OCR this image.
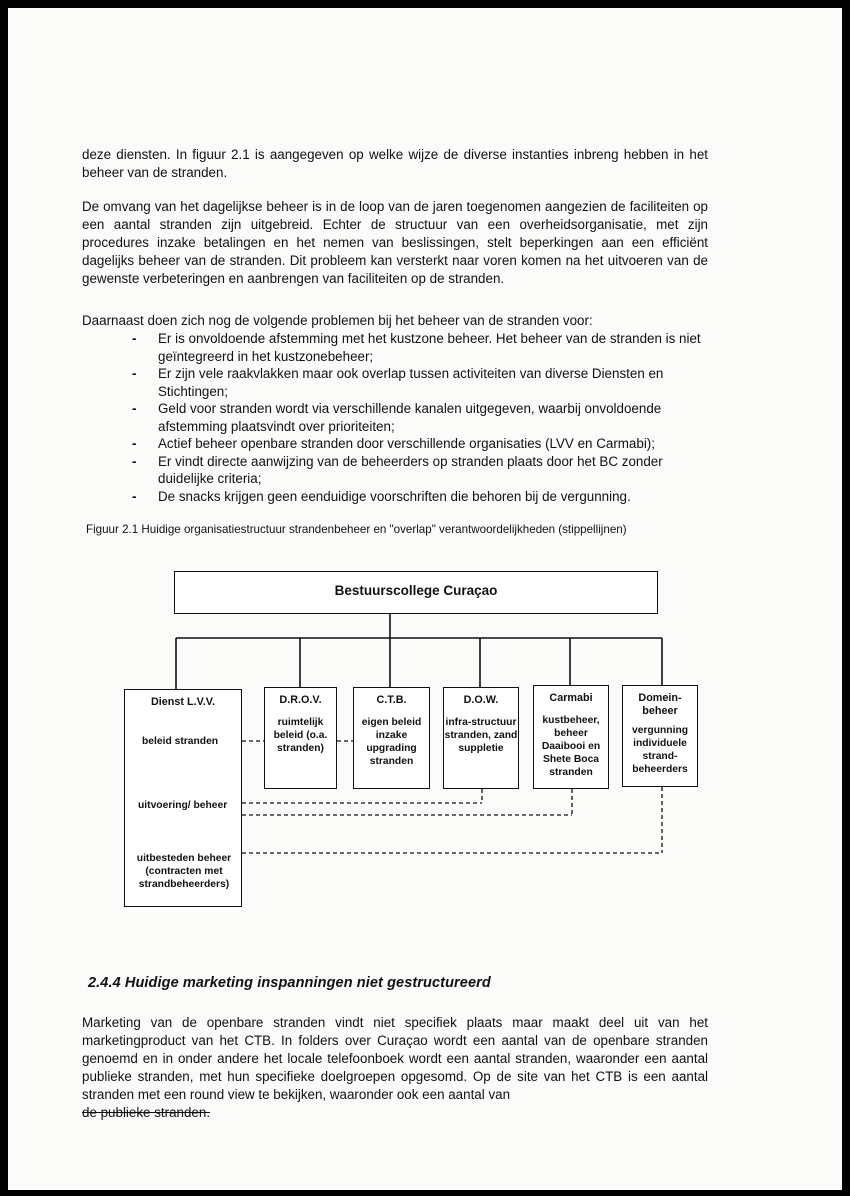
deze diensten. In figuur 2.1 is aangegeven op welke wijze de diverse instanties inbreng hebben in het beheer van de stranden.

De omvang van het dagelijkse beheer is in de loop van de jaren toegenomen aangezien de faciliteiten op een aantal stranden zijn uitgebreid. Echter de structuur van een overheidsorganisatie, met zijn procedures inzake betalingen en het nemen van beslissingen, stelt beperkingen aan een efficiënt dagelijks beheer van de stranden. Dit probleem kan versterkt naar voren komen na het uitvoeren van de gewenste verbeteringen en aanbrengen van faciliteiten op de stranden.

Daarnaast doen zich nog de volgende problemen bij het beheer van de stranden voor:

- Er is onvoldoende afstemming met het kustzone beheer. Het beheer van de stranden is niet geïntegreerd in het kustzonebeheer;
- Er zijn vele raakvlakken maar ook overlap tussen activiteiten van diverse Diensten en Stichtingen;
- Geld voor stranden wordt via verschillende kanalen uitgegeven, waarbij onvoldoende afstemming plaatsvindt over prioriteiten;
- Actief beheer openbare stranden door verschillende organisaties (LVV en Carmabi);
- Er vindt directe aanwijzing van de beheerders op stranden plaats door het BC zonder duidelijke criteria;
- De snacks krijgen geen eenduidige voorschriften die behoren bij de vergunning.
Figuur 2.1 Huidige organisatiestructuur strandenbeheer en "overlap" verantwoordelijkheden (stippellijnen)
Bestuurscollege Curaçao
Dienst L.V.V.
beleid stranden
uitvoering/ beheer
uitbesteden beheer (contracten met strandbeheerders)
D.R.O.V.
ruimtelijk beleid (o.a. stranden)
C.T.B.
eigen beleid inzake upgrading stranden
D.O.W.
infra-structuur stranden, zand suppletie
Carmabi
kustbeheer, beheer Daaibooi en Shete Boca stranden
Domein-beheer
vergunning individuele strand-beheerders
2.4.4 Huidige marketing inspanningen niet gestructureerd

Marketing van de openbare stranden vindt niet specifiek plaats maar maakt deel uit van het marketingproduct van het CTB. In folders over Curaçao wordt een aantal van de openbare stranden genoemd en in onder andere het locale telefoonboek wordt een aantal stranden, waaronder een aantal publieke stranden, met hun specifieke doelgroepen opgesomd. Op de site van het CTB is een aantal stranden met een round view te bekijken, waaronder ook een aantal van
de publieke stranden.
